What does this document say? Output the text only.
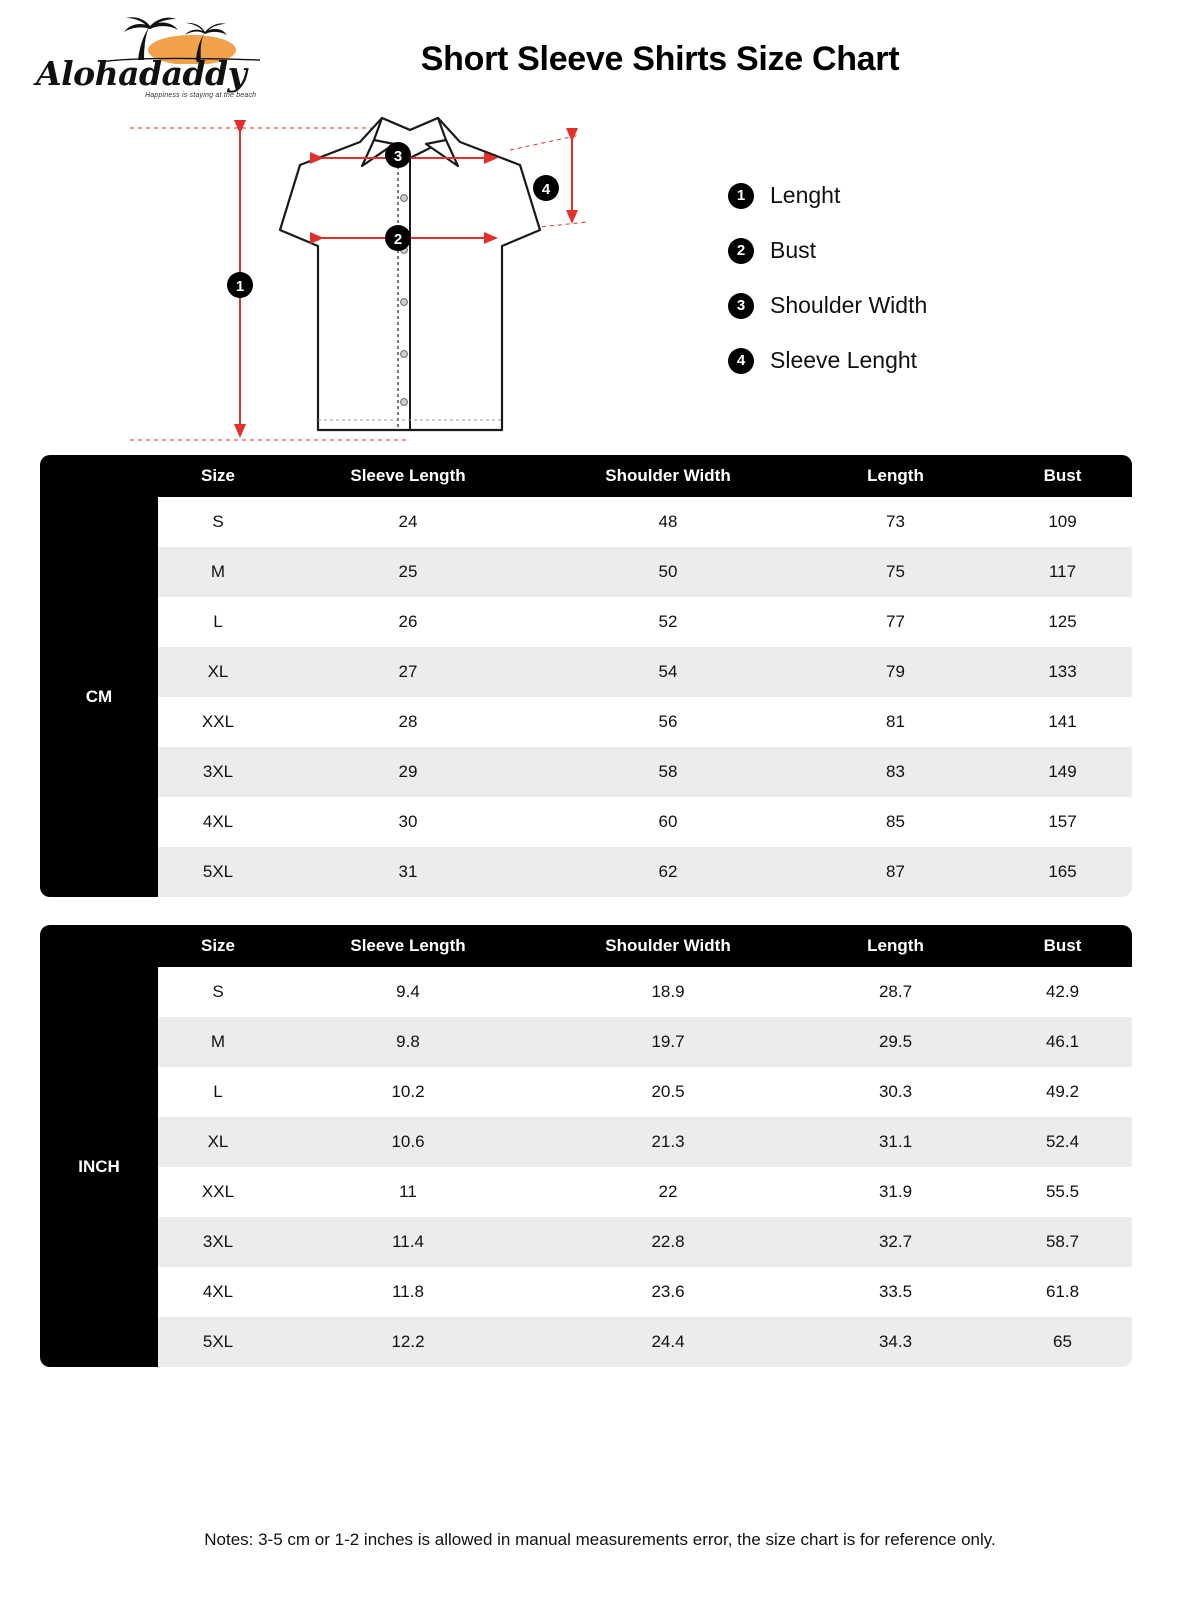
Alohadaddy
Happiness is staying at the beach
Short Sleeve Shirts Size Chart
3
2
1
4	1	Lenght
2	Bust
3	Shoulder Width
4	Sleeve Lenght
	Size	Sleeve Length	Shoulder Width	Length	Bust
CM	S	24	48	73	109
	M	25	50	75	117
	L	26	52	77	125
	XL	27	54	79	133
	XXL	28	56	81	141
	3XL	29	58	83	149
	4XL	30	60	85	157
	5XL	31	62	87	165
	Size	Sleeve Length	Shoulder Width	Length	Bust
INCH	S	9.4	18.9	28.7	42.9
	M	9.8	19.7	29.5	46.1
	L	10.2	20.5	30.3	49.2
	XL	10.6	21.3	31.1	52.4
	XXL	11	22	31.9	55.5
	3XL	11.4	22.8	32.7	58.7
	4XL	11.8	23.6	33.5	61.8
	5XL	12.2	24.4	34.3	65
Notes: 3-5 cm or 1-2 inches is allowed in manual measurements error, the size chart is for reference only.
